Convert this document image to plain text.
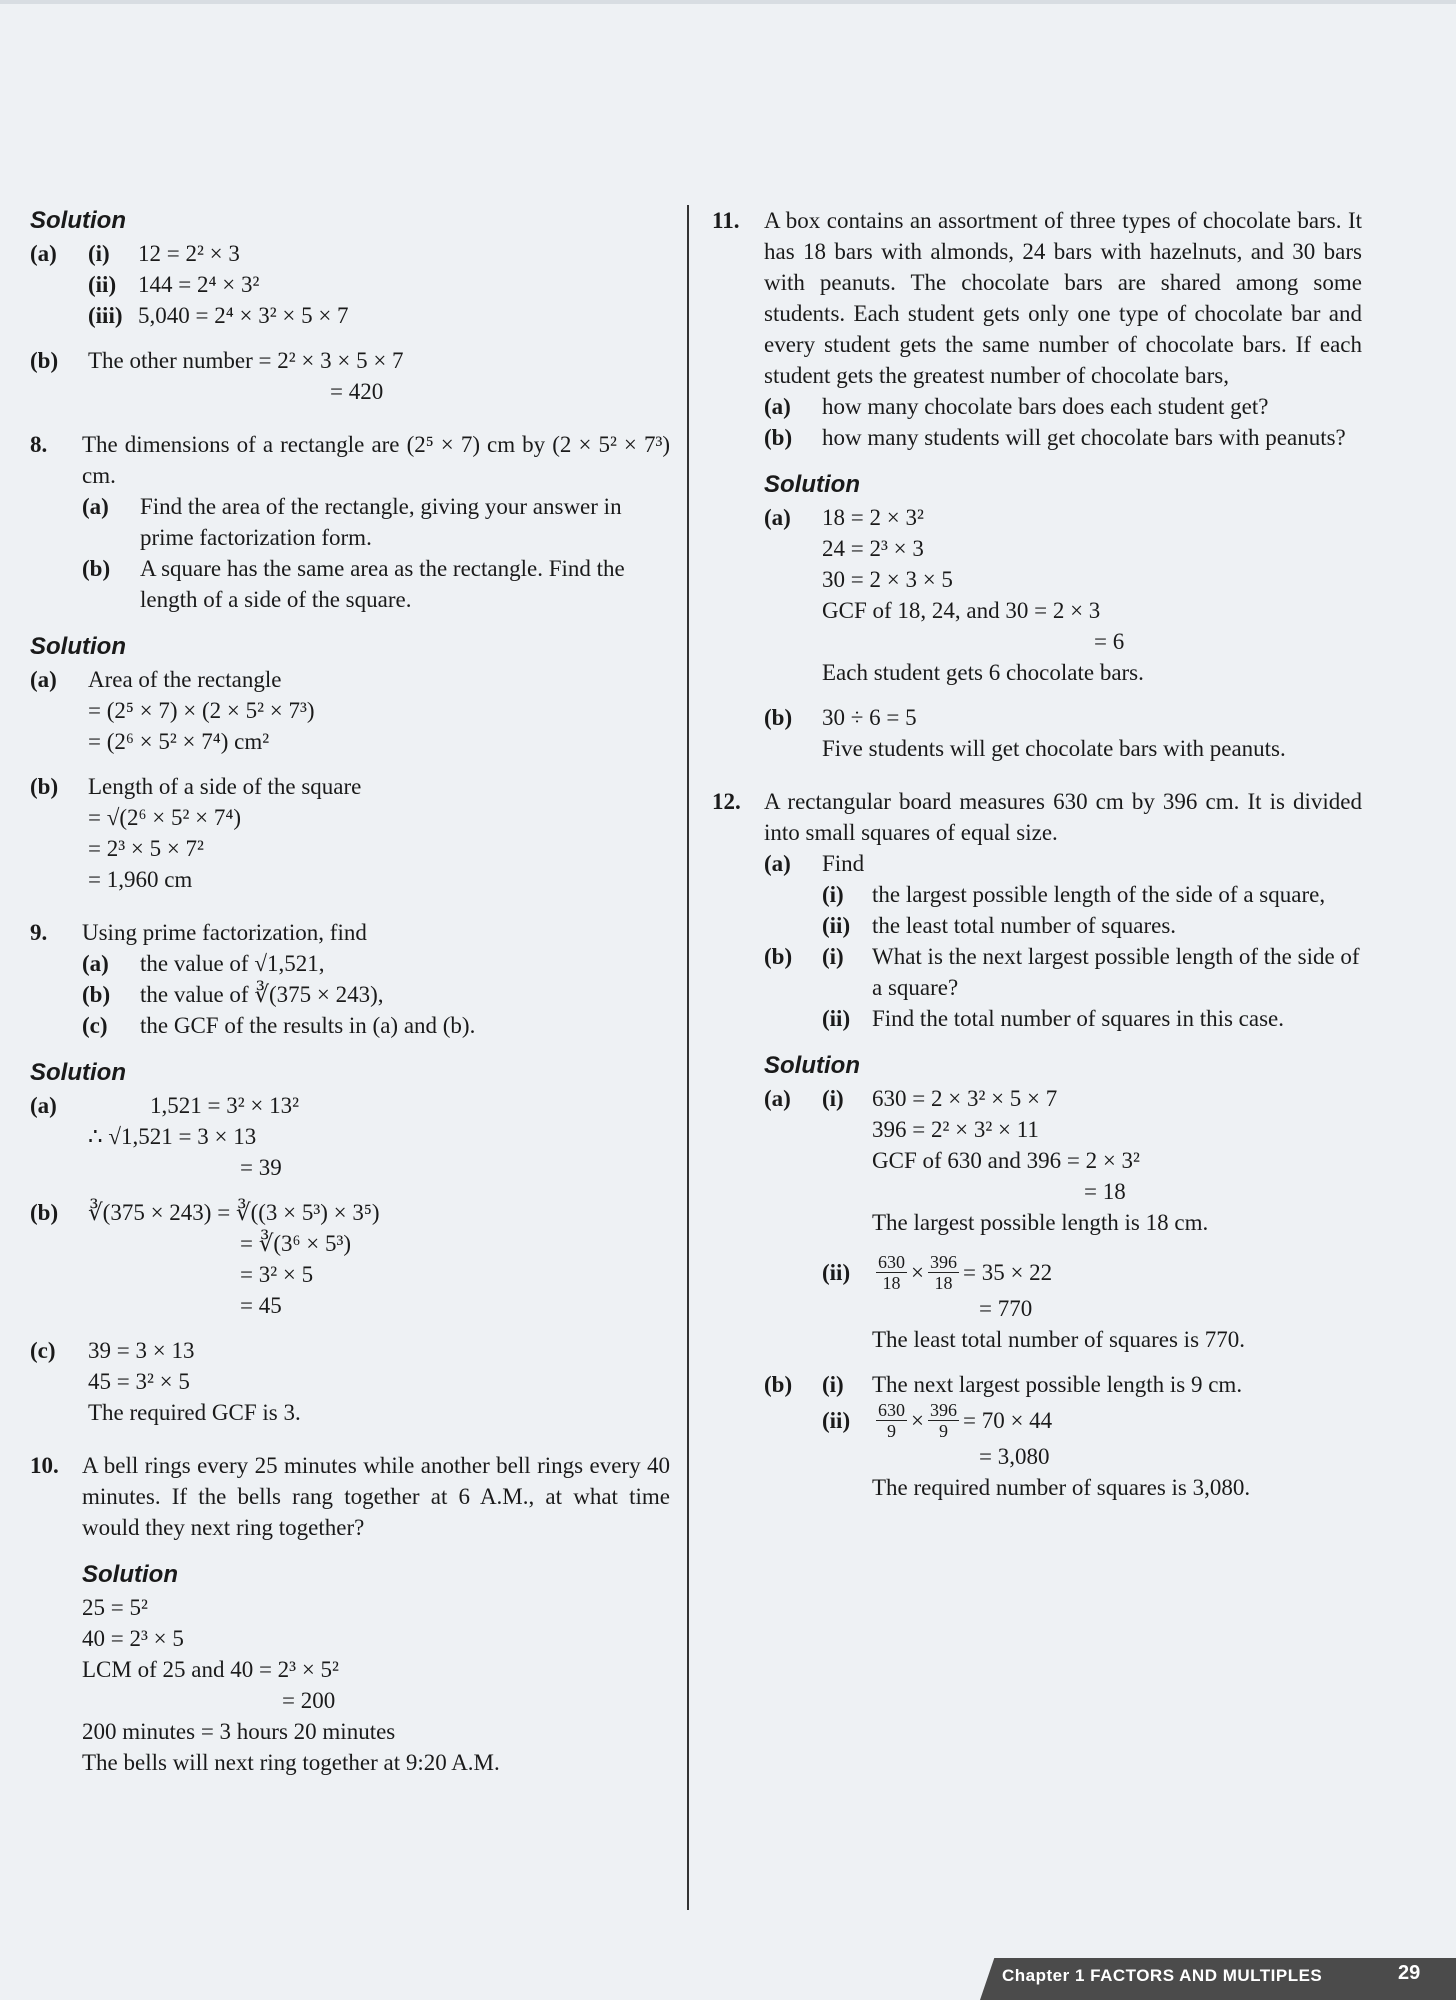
Solution
(a)	(i)	12 = 2² × 3
(ii) 144 = 2⁴ × 3²
(iii) 5,040 = 2⁴ × 3² × 5 × 7
(b)	The other number = 2² × 3 × 5 × 7
= 420
8.	The dimensions of a rectangle are (2⁵ × 7) cm by (2 × 5² × 7³) cm.
(a)	Find the area of the rectangle, giving your answer in prime factorization form.
(b)	A square has the same area as the rectangle. Find the length of a side of the square.
Solution
(a)	Area of the rectangle
= (2⁵ × 7) × (2 × 5² × 7³)
= (2⁶ × 5² × 7⁴) cm²
(b)	Length of a side of the square
= √(2⁶ × 5² × 7⁴)
= 2³ × 5 × 7²
= 1,960 cm
9.	Using prime factorization, find
(a)	the value of √1,521,
(b)	the value of ∛(375 × 243),
(c)	the GCF of the results in (a) and (b).
Solution
(a)	1,521 = 3² × 13²
∴ √1,521 = 3 × 13
= 39
(b)	∛(375 × 243) = ∛((3 × 5³) × 3⁵)
= ∛(3⁶ × 5³)
= 3² × 5
= 45
(c)	39 = 3 × 13
45 = 3² × 5
The required GCF is 3.
10.	A bell rings every 25 minutes while another bell rings every 40 minutes. If the bells rang together at 6 A.M., at what time would they next ring together?
Solution
25 = 5²
40 = 2³ × 5
LCM of 25 and 40 = 2³ × 5²
= 200
200 minutes = 3 hours 20 minutes
The bells will next ring together at 9:20 A.M.
11.	A box contains an assortment of three types of chocolate bars. It has 18 bars with almonds, 24 bars with hazelnuts, and 30 bars with peanuts. The chocolate bars are shared among some students. Each student gets only one type of chocolate bar and every student gets the same number of chocolate bars. If each student gets the greatest number of chocolate bars,
(a)	how many chocolate bars does each student get?
(b)	how many students will get chocolate bars with peanuts?
Solution
(a)	18 = 2 × 3²
24 = 2³ × 3
30 = 2 × 3 × 5
GCF of 18, 24, and 30 = 2 × 3
= 6
Each student gets 6 chocolate bars.
(b)	30 ÷ 6 = 5
Five students will get chocolate bars with peanuts.
12.	A rectangular board measures 630 cm by 396 cm. It is divided into small squares of equal size.
(a)	Find
(i)	the largest possible length of the side of a square,
(ii) the least total number of squares.
(b)	(i)	What is the next largest possible length of the side of a square?
(ii) Find the total number of squares in this case.
Solution
(a)	(i)	630 = 2 × 3² × 5 × 7
396 = 2² × 3² × 11
GCF of 630 and 396 = 2 × 3²
= 18
The largest possible length is 18 cm.
(ii)	$\frac{630}{18} \times \frac{396}{18} = 35 \times 22$
= 770
The least total number of squares is 770.
(b)	(i)	The next largest possible length is 9 cm.
(ii)	$\frac{630}{9} \times \frac{396}{9} = 70 \times 44$
= 3,080
The required number of squares is 3,080.
Chapter 1 FACTORS AND MULTIPLES	29
